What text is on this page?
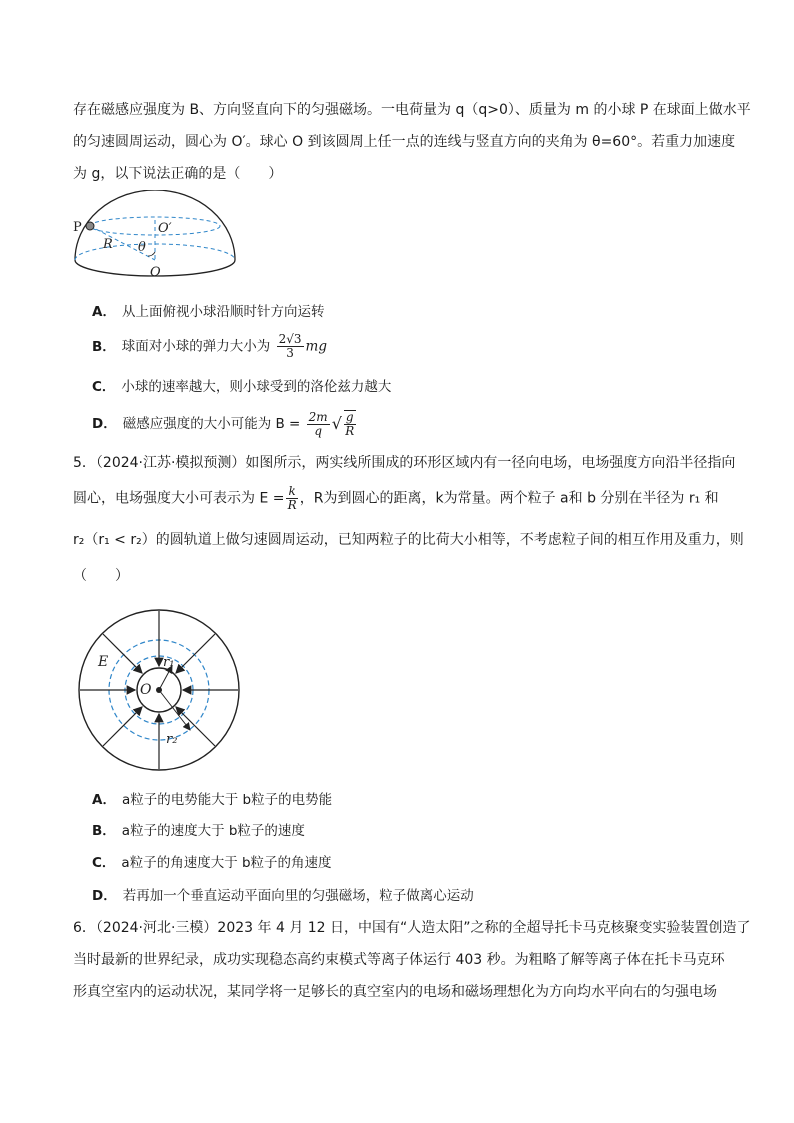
存在磁感应强度为 B、方向竖直向下的匀强磁场。一电荷量为 q（q>0）、质量为 m 的小球 P 在球面上做水平
的匀速圆周运动，圆心为 O′。球心 O 到该圆周上任一点的连线与竖直方向的夹角为 θ=60°。若重力加速度
为 g，以下说法正确的是（　　）
P	O′
R θ
O
A． 从上面俯视小球沿顺时针方向运转
B． 球面对小球的弹力大小为 $\frac{2√3}{3}$ mg
C． 小球的速率越大，则小球受到的洛伦兹力越大
D． 磁感应强度的大小可能为 $B = \frac{2m}{q}$ √ $\frac{g}{R}$
5．（2024·江苏·模拟预测）如图所示，两实线所围成的环形区域内有一径向电场，电场强度方向沿半径指向
圆心，电场强度大小可表示为 $E = \frac{k}{R}$ ，R为到圆心的距离，k为常量。两个粒子 a和 b 分别在半径为 r₁ 和
r₂（r₁ < r₂）的圆轨道上做匀速圆周运动，已知两粒子的比荷大小相等，不考虑粒子间的相互作用及重力，则
（　　）
E	r₁
O
r₂
A． a粒子的电势能大于 b粒子的电势能
B． a粒子的速度大于 b粒子的速度
C． a粒子的角速度大于 b粒子的角速度
D． 若再加一个垂直运动平面向里的匀强磁场，粒子做离心运动
6．（2024·河北·三模）2023 年 4 月 12 日，中国有“人造太阳”之称的全超导托卡马克核聚变实验装置创造了
当时最新的世界纪录，成功实现稳态高约束模式等离子体运行 403 秒。为粗略了解等离子体在托卡马克环
形真空室内的运动状况，某同学将一足够长的真空室内的电场和磁场理想化为方向均水平向右的匀强电场
